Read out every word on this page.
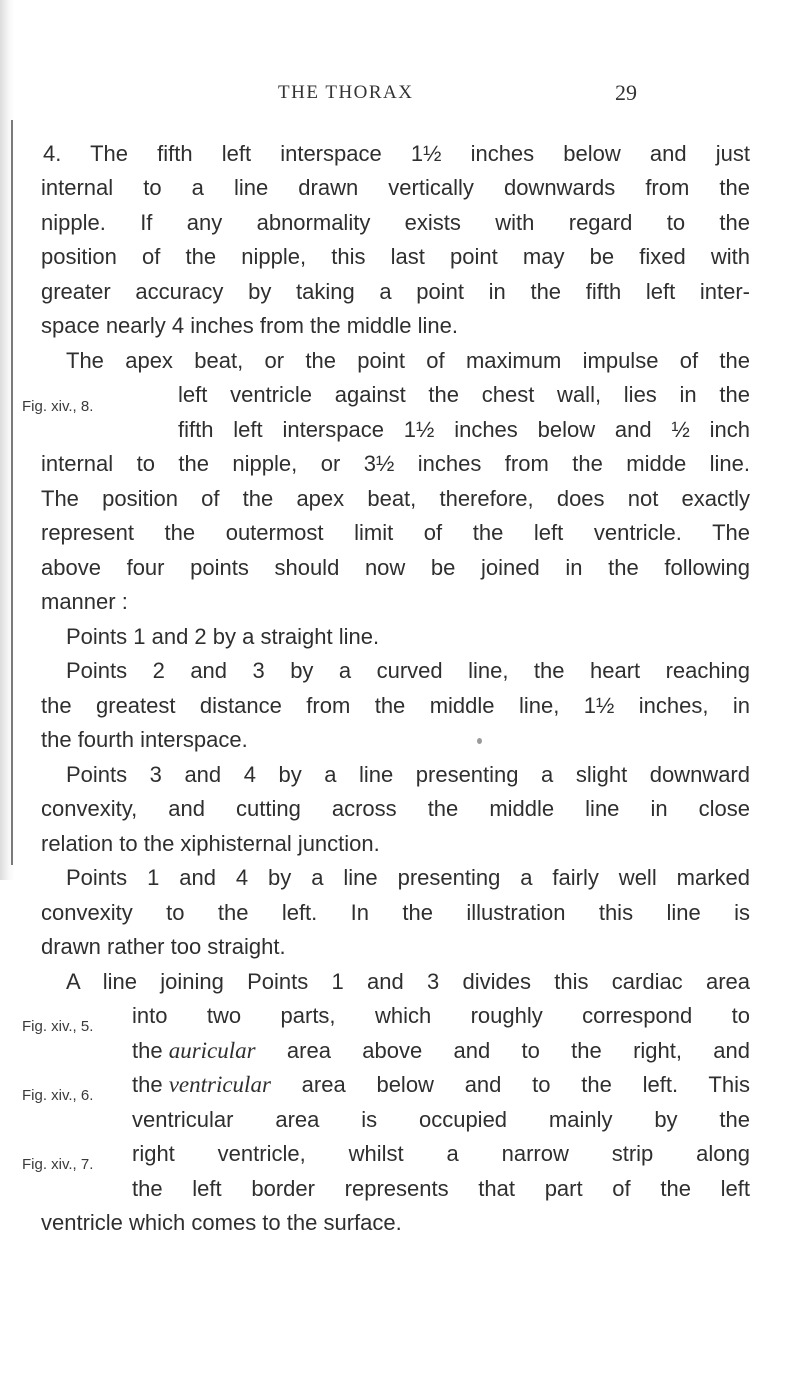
THE THORAX	29
4. The fifth left interspace 1½ inches below and just
internal to a line drawn vertically downwards from the
nipple. If any abnormality exists with regard to the
position of the nipple, this last point may be fixed with
greater accuracy by taking a point in the fifth left inter-
space nearly 4 inches from the middle line.
The apex beat, or the point of maximum impulse of the
Fig. xiv., 8.	left ventricle against the chest wall, lies in the
fifth left interspace 1½ inches below and ½ inch
internal to the nipple, or 3½ inches from the midde line.
The position of the apex beat, therefore, does not exactly
represent the outermost limit of the left ventricle. The
above four points should now be joined in the following
manner :
Points 1 and 2 by a straight line.
Points 2 and 3 by a curved line, the heart reaching
the greatest distance from the middle line, 1½ inches, in
the fourth interspace.
Points 3 and 4 by a line presenting a slight downward
convexity, and cutting across the middle line in close
relation to the xiphisternal junction.
Points 1 and 4 by a line presenting a fairly well marked
convexity to the left. In the illustration this line is
drawn rather too straight.
A line joining Points 1 and 3 divides this cardiac area
Fig. xiv., 5. into two parts, which roughly correspond to
the auricular area above and to the right, and
Fig. xiv., 6. the ventricular area below and to the left. This
ventricular area is occupied mainly by the
Fig. xiv., 7. right ventricle, whilst a narrow strip along
the left border represents that part of the left
ventricle which comes to the surface.
